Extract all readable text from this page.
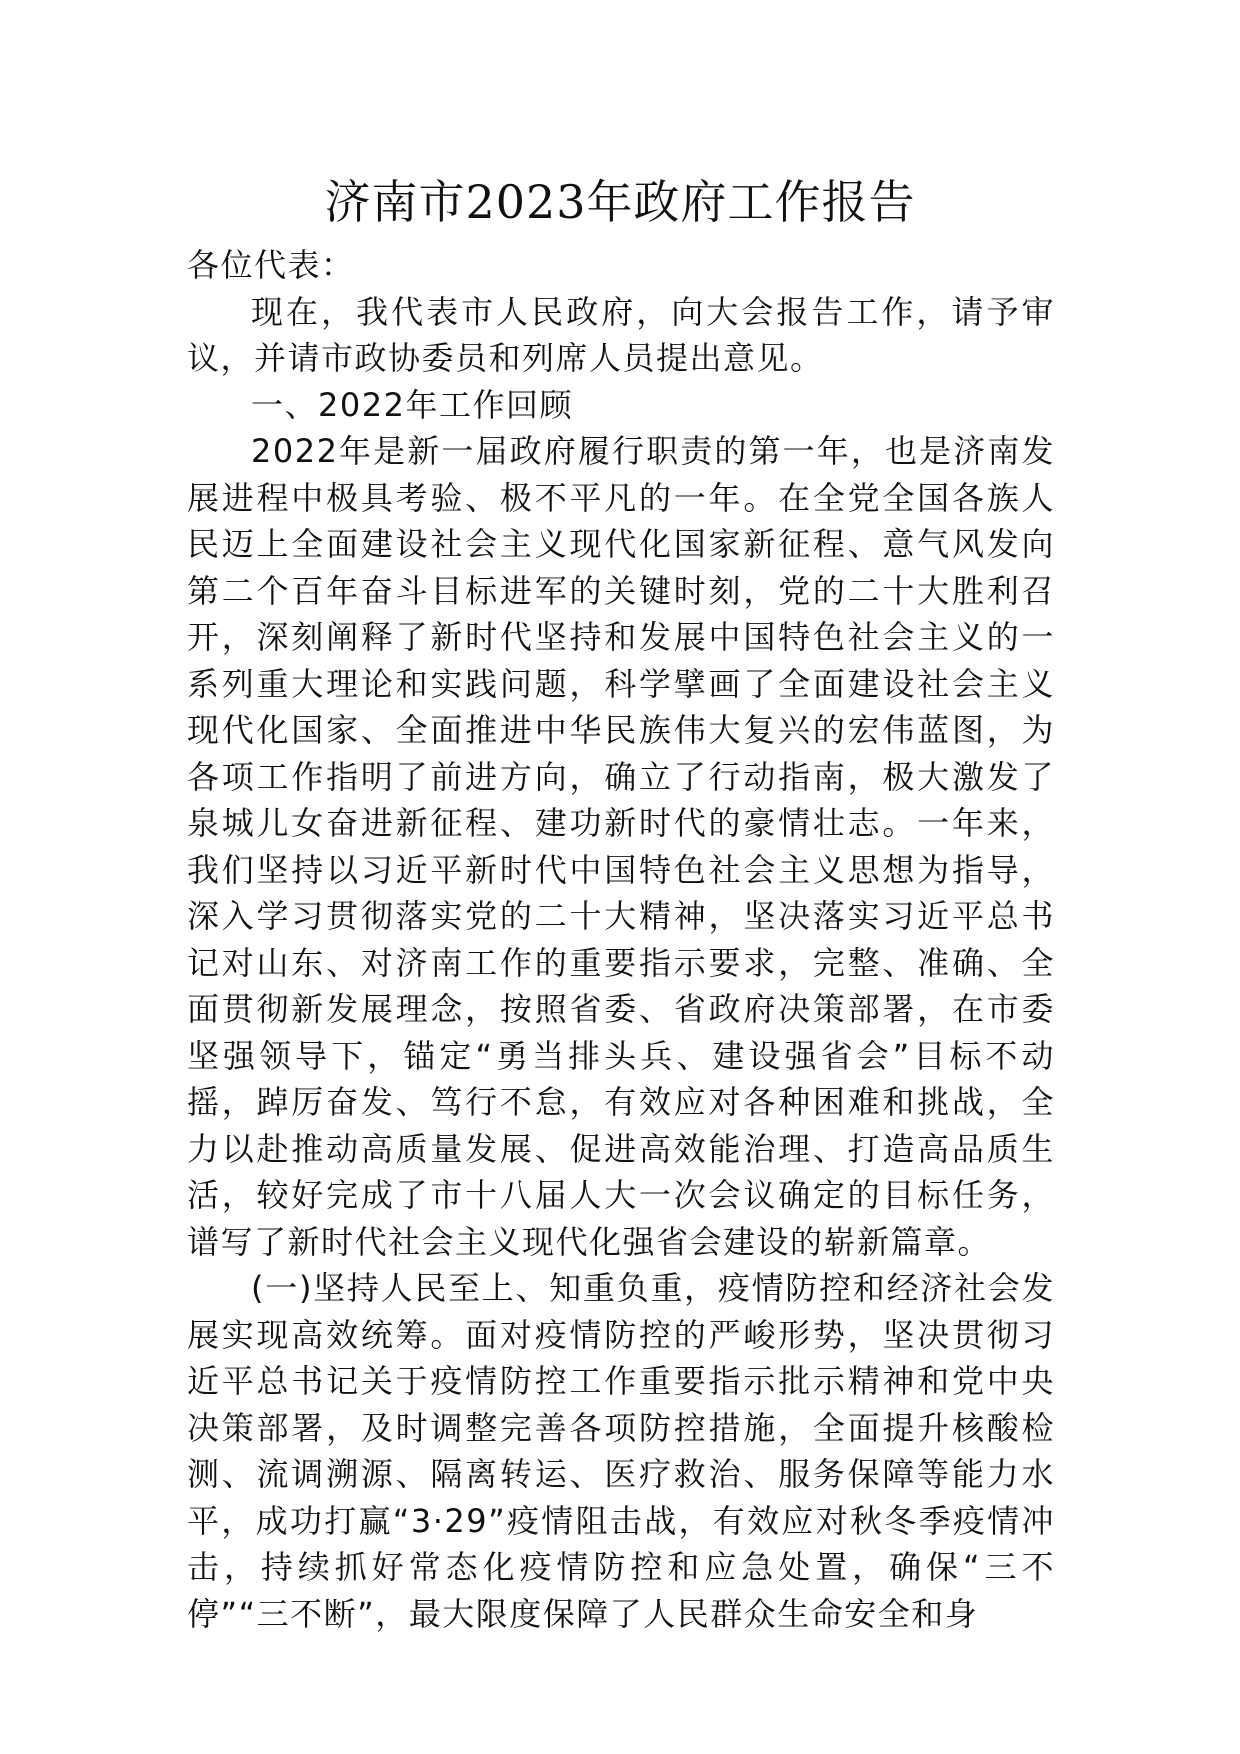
济南市2023年政府工作报告

各位代表：

现在，我代表市人民政府，向大会报告工作，请予审议，并请市政协委员和列席人员提出意见。

一、2022年工作回顾

2022年是新一届政府履行职责的第一年，也是济南发展进程中极具考验、极不平凡的一年。在全党全国各族人民迈上全面建设社会主义现代化国家新征程、意气风发向第二个百年奋斗目标进军的关键时刻，党的二十大胜利召开，深刻阐释了新时代坚持和发展中国特色社会主义的一系列重大理论和实践问题，科学擘画了全面建设社会主义现代化国家、全面推进中华民族伟大复兴的宏伟蓝图，为各项工作指明了前进方向，确立了行动指南，极大激发了泉城儿女奋进新征程、建功新时代的豪情壮志。一年来，我们坚持以习近平新时代中国特色社会主义思想为指导，深入学习贯彻落实党的二十大精神，坚决落实习近平总书记对山东、对济南工作的重要指示要求，完整、准确、全面贯彻新发展理念，按照省委、省政府决策部署，在市委坚强领导下，锚定“勇当排头兵、建设强省会”目标不动摇，踔厉奋发、笃行不怠，有效应对各种困难和挑战，全力以赴推动高质量发展、促进高效能治理、打造高品质生活，较好完成了市十八届人大一次会议确定的目标任务，谱写了新时代社会主义现代化强省会建设的崭新篇章。

(一)坚持人民至上、知重负重，疫情防控和经济社会发展实现高效统筹。面对疫情防控的严峻形势，坚决贯彻习近平总书记关于疫情防控工作重要指示批示精神和党中央决策部署，及时调整完善各项防控措施，全面提升核酸检测、流调溯源、隔离转运、医疗救治、服务保障等能力水平，成功打赢“3·29”疫情阻击战，有效应对秋冬季疫情冲击，持续抓好常态化疫情防控和应急处置，确保“三不停”“三不断”，最大限度保障了人民群众生命安全和身
